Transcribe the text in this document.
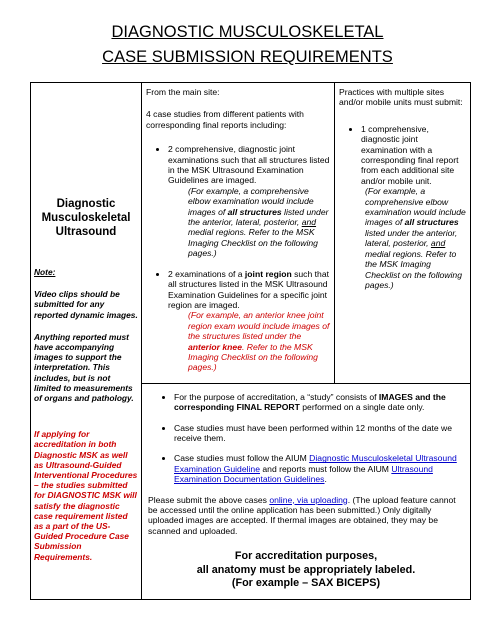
DIAGNOSTIC MUSCULOSKELETAL
CASE SUBMISSION REQUIREMENTS
Diagnostic
Musculoskeletal
Ultrasound

Note:

Video clips should be submitted for any reported dynamic images.

Anything reported must have accompanying images to support the interpretation. This includes, but is not limited to measurements of organs and pathology.

If applying for accreditation in both Diagnostic MSK as well as Ultrasound-Guided Interventional Procedures – the studies submitted for DIAGNOSTIC MSK will satisfy the diagnostic case requirement listed as a part of the US-Guided Procedure Case Submission Requirements.

From the main site:

4 case studies from different patients with corresponding final reports including:

• 2 comprehensive, diagnostic joint examinations such that all structures listed in the MSK Ultrasound Examination Guidelines are imaged.
(For example, a comprehensive elbow examination would include images of all structures listed under the anterior, lateral, posterior, and medial regions. Refer to the MSK Imaging Checklist on the following pages.)
• 2 examinations of a joint region such that all structures listed in the MSK Ultrasound Examination Guidelines for a specific joint region are imaged.
(For example, an anterior knee joint region exam would include images of the structures listed under the anterior knee. Refer to the MSK Imaging Checklist on the following pages.)

Practices with multiple sites and/or mobile units must submit:

• 1 comprehensive, diagnostic joint examination with a corresponding final report from each additional site and/or mobile unit.
(For example, a comprehensive elbow examination would include images of all structures listed under the anterior, lateral, posterior, and medial regions. Refer to the MSK Imaging Checklist on the following pages.)

• For the purpose of accreditation, a “study” consists of IMAGES and the corresponding FINAL REPORT performed on a single date only.
• Case studies must have been performed within 12 months of the date we receive them.
• Case studies must follow the AIUM Diagnostic Musculoskeletal Ultrasound Examination Guideline and reports must follow the AIUM Ultrasound Examination Documentation Guidelines.

Please submit the above cases online, via uploading. (The upload feature cannot be accessed until the online application has been submitted.) Only digitally uploaded images are accepted. If thermal images are obtained, they may be scanned and uploaded.

For accreditation purposes,
all anatomy must be appropriately labeled.
(For example – SAX BICEPS)
